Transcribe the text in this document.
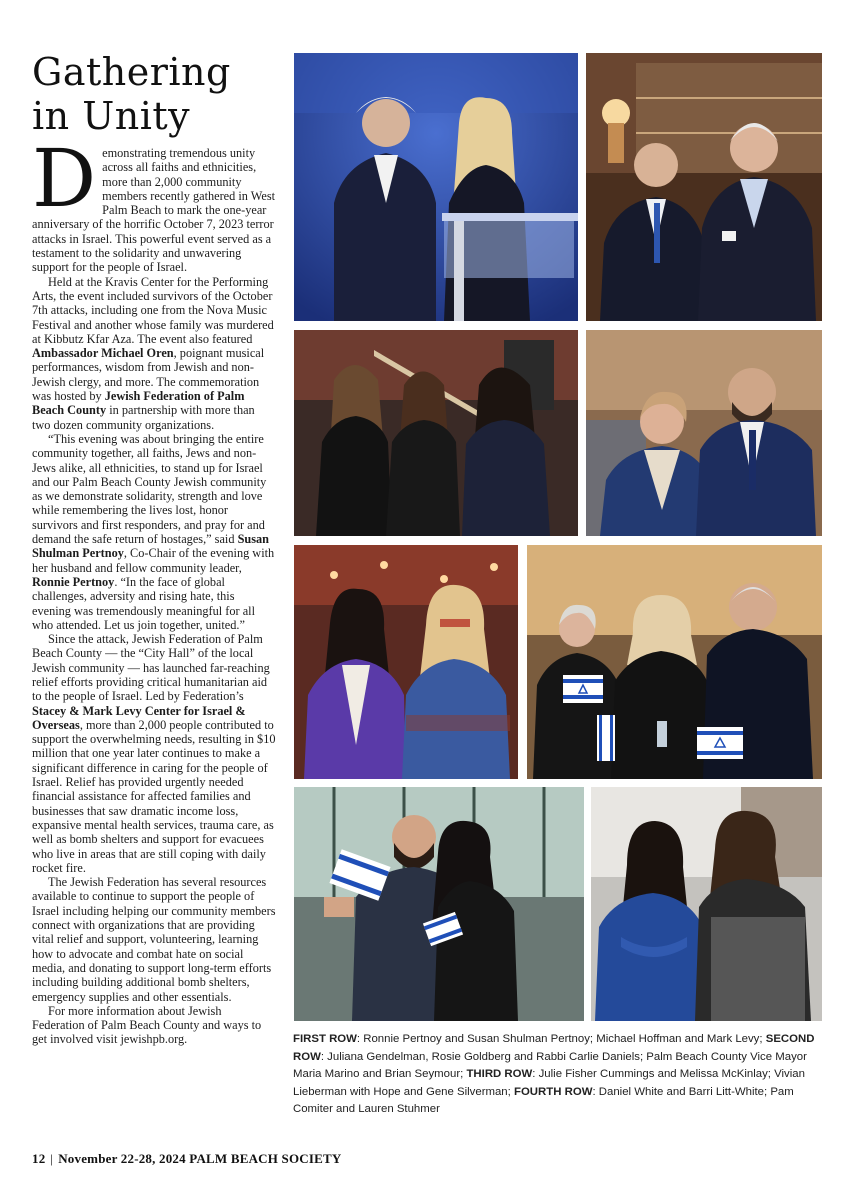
Gathering
in Unity

Demonstrating tremendous unity across all faiths and ethnicities, more than 2,000 community members recently gathered in West Palm Beach to mark the one-year anniversary of the horrific October 7, 2023 terror attacks in Israel. This powerful event served as a testament to the solidarity and unwavering support for the people of Israel.

Held at the Kravis Center for the Performing Arts, the event included survivors of the October 7th attacks, including one from the Nova Music Festival and another whose family was murdered at Kibbutz Kfar Aza. The event also featured Ambassador Michael Oren, poignant musical performances, wisdom from Jewish and non-Jewish clergy, and more. The commemoration was hosted by Jewish Federation of Palm Beach County in partnership with more than two dozen community organizations.

“This evening was about bringing the entire community together, all faiths, Jews and non-Jews alike, all ethnicities, to stand up for Israel and our Palm Beach County Jewish community as we demonstrate solidarity, strength and love while remembering the lives lost, honor survivors and first responders, and pray for and demand the safe return of hostages,” said Susan Shulman Pertnoy, Co-Chair of the evening with her husband and fellow community leader, Ronnie Pertnoy. “In the face of global challenges, adversity and rising hate, this evening was tremendously meaningful for all who attended. Let us join together, united.”

Since the attack, Jewish Federation of Palm Beach County — the “City Hall” of the local Jewish community — has launched far-reaching relief efforts providing critical humanitarian aid to the people of Israel. Led by Federation’s Stacey & Mark Levy Center for Israel & Overseas, more than 2,000 people contributed to support the overwhelming needs, resulting in $10 million that one year later continues to make a significant difference in caring for the people of Israel. Relief has provided urgently needed financial assistance for affected families and businesses that saw dramatic income loss, expansive mental health services, trauma care, as well as bomb shelters and support for evacuees who live in areas that are still coping with daily rocket fire.

The Jewish Federation has several resources available to continue to support the people of Israel including helping our community members connect with organizations that are providing vital relief and support, volunteering, learning how to advocate and combat hate on social media, and donating to support long-term efforts including building additional bomb shelters, emergency supplies and other essentials.

For more information about Jewish Federation of Palm Beach County and ways to get involved visit jewishpb.org.	FIRST ROW: Ronnie Pertnoy and Susan Shulman Pertnoy; Michael Hoffman and Mark Levy; SECOND ROW: Juliana Gendelman, Rosie Goldberg and Rabbi Carlie Daniels; Palm Beach County Vice Mayor Maria Marino and Brian Seymour; THIRD ROW: Julie Fisher Cummings and Melissa McKinlay; Vivian Lieberman with Hope and Gene Silverman; FOURTH ROW: Daniel White and Barri Litt-White; Pam Comiter and Lauren Stuhmer
12 | November 22-28, 2024 PALM BEACH SOCIETY
